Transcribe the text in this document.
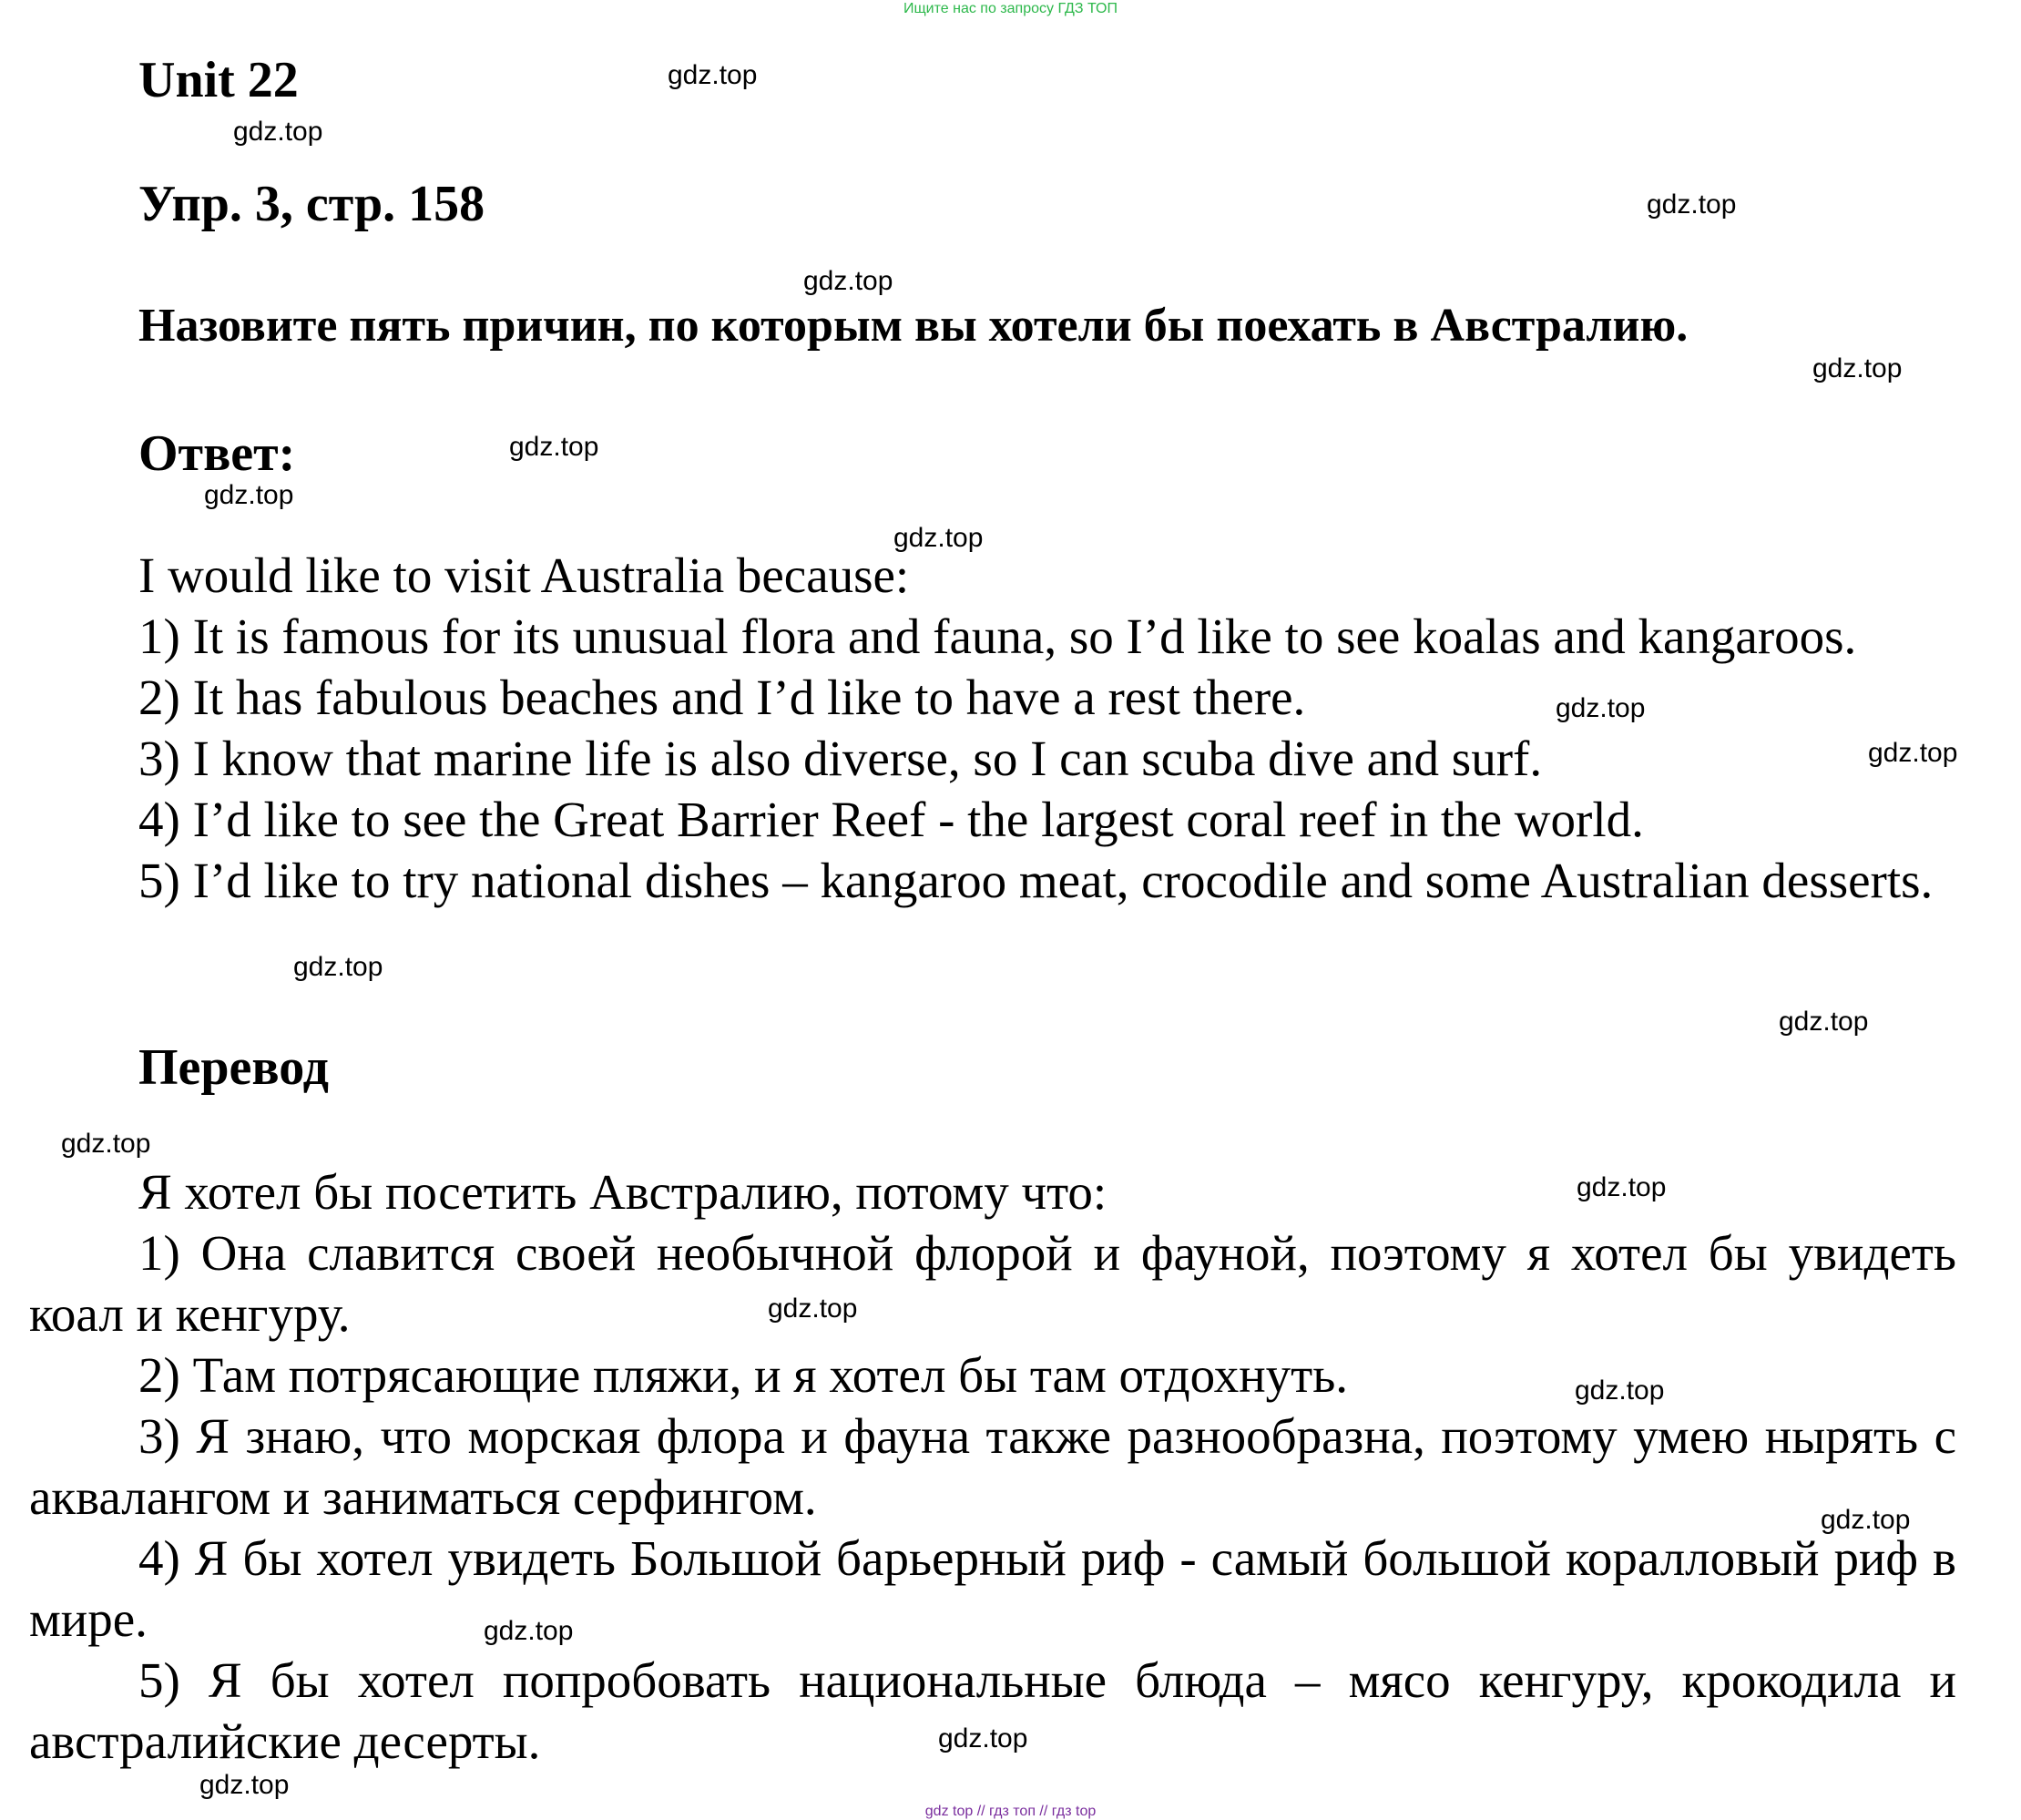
Ищите нас по запросу ГДЗ ТОП
Unit 22
Упр. 3, стр. 158
Назовите пять причин, по которым вы хотели бы поехать в Австралию.
Ответ:
I would like to visit Australia because:
1) It is famous for its unusual flora and fauna, so I’d like to see koalas and kangaroos.
2) It has fabulous beaches and I’d like to have a rest there.
3) I know that marine life is also diverse, so I can scuba dive and surf.
4) I’d like to see the Great Barrier Reef - the largest coral reef in the world.
5) I’d like to try national dishes – kangaroo meat, crocodile and some Australian desserts.
Перевод
Я хотел бы посетить Австралию, потому что:
1) Она славится своей необычной флорой и фауной, поэтому я хотел бы увидеть коал и кенгуру.
2) Там потрясающие пляжи, и я хотел бы там отдохнуть.
3) Я знаю, что морская флора и фауна также разнообразна, поэтому умею нырять с аквалангом и заниматься серфингом.
4) Я бы хотел увидеть Большой барьерный риф - самый большой коралловый риф в мире.
5) Я бы хотел попробовать национальные блюда – мясо кенгуру, крокодила и австралийские десерты.
gdz.top
gdz.top
gdz.top
gdz.top
gdz.top
gdz.top
gdz.top
gdz.top
gdz.top
gdz.top
gdz.top
gdz.top
gdz.top
gdz.top
gdz.top
gdz.top
gdz.top
gdz.top
gdz.top
gdz.top
gdz top // гдз топ // гдз top
